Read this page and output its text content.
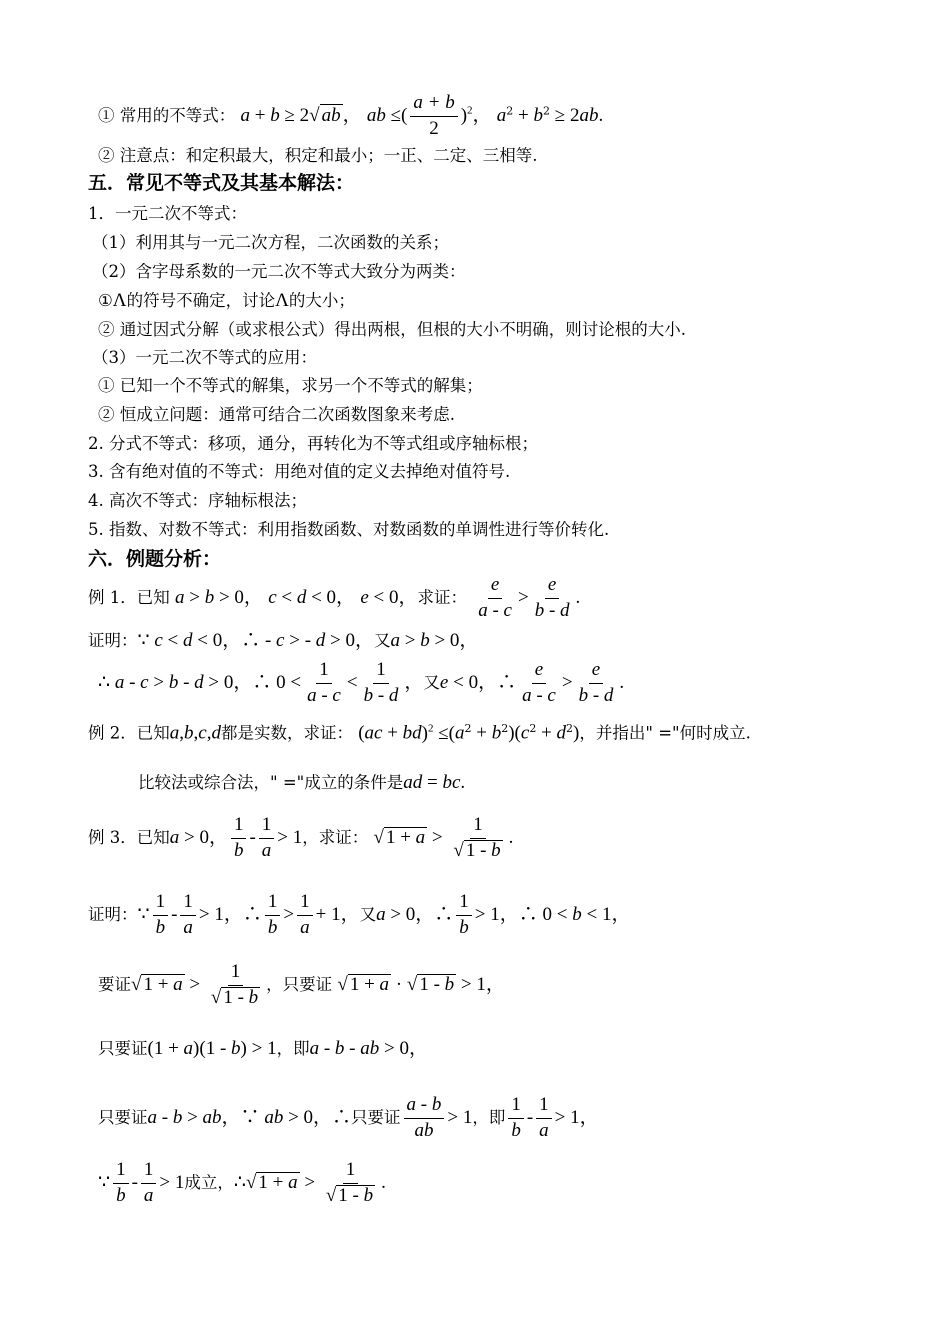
① 常用的不等式： a + b ≥ 2√ ab ， ab ≤( $\frac{a + b}{2} )^2$， $a^2 + b^2 \ge 2ab$.
② 注意点：和定积最大，积定和最小；一正、二定、三相等.
五．常见不等式及其基本解法：
1．一元二次不等式：
（1）利用其与一元二次方程，二次函数的关系；
（2）含字母系数的一元二次不等式大致分为两类：
①Λ的符号不确定，讨论Λ的大小；
② 通过因式分解（或求根公式）得出两根，但根的大小不明确，则讨论根的大小.
（3）一元二次不等式的应用：
① 已知一个不等式的解集，求另一个不等式的解集；
② 恒成立问题：通常可结合二次函数图象来考虑.
2. 分式不等式：移项，通分，再转化为不等式组或序轴标根；
3. 含有绝对值的不等式：用绝对值的定义去掉绝对值符号.
4. 高次不等式：序轴标根法；
5. 指数、对数不等式：利用指数函数、对数函数的单调性进行等价转化.
六．例题分析：
例 1．已知 a > b > 0， c < d < 0， e < 0，求证： $\frac{e}{a - c} > \frac{e}{b - d}$ .
证明：∵ c < d < 0，∴ - c > - d > 0，又a > b > 0，
∴ a - c > b - d > 0，∴ $0 < \frac{1}{a - c} < \frac{1}{b - d}$ ，又e < 0，∴ $\frac{e}{a - c} > \frac{e}{b - d}$ .
例 2．已知a,b,c,d都是实数，求证： $(ac + bd)^2 \le(a^2 + b^2)(c^2 + d^2)$，并指出" ="何时成立.
比较法或综合法，" ="成立的条件是ad = bc.
例 3．已知a > 0， $\frac{1}{b} - \frac{1}{a} > 1$，求证： √ $1 + a > \frac{1}{√ 1 - b}$ .
证明：∵ $\frac{1}{b} - \frac{1}{a} > 1$，∴ $\frac{1}{b} > \frac{1}{a} + 1$，又a > 0，∴ $\frac{1}{b} > 1$，∴ 0 < b < 1，
要证√ $1 + a > \frac{1}{√ 1 - b}$ ，只要证 √ 1 + a · √ 1 - b > 1，
只要证(1 + a)(1 - b) > 1，即a - b - ab > 0，
只要证a - b > ab，∵ ab > 0，∴只要证 $\frac{a - b}{ab} > 1$，即 $\frac{1}{b} - \frac{1}{a} > 1$，
∵ $\frac{1}{b} - \frac{1}{a} > 1$成立，∴√ $1 + a > \frac{1}{√ 1 - b}$ .
